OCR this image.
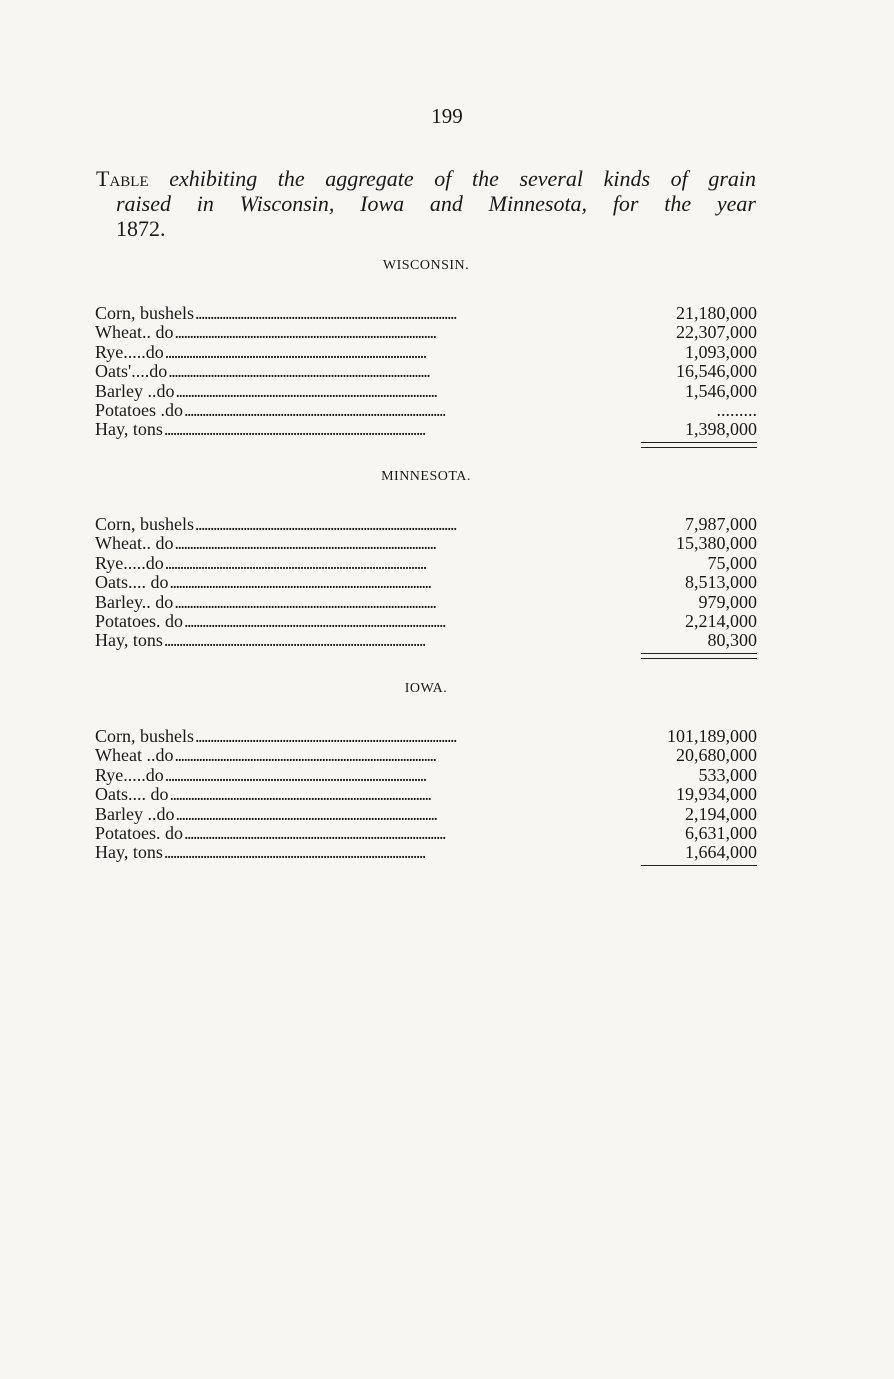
199
Table exhibiting the aggregate of the several kinds of grain
raised in Wisconsin, Iowa and Minnesota, for the year
1872.
WISCONSIN.
Corn, bushels . . .	21,180,000
Wheat.. do . . .	22,307,000
Rye.....do . . .	1,093,000
Oats'....do . . .	16,546,000
Barley ..do . . .	1,546,000
Potatoes .do . . .	.........
Hay, tons . . .	1,398,000
MINNESOTA.
Corn, bushels . . .	7,987,000
Wheat.. do . . .	15,380,000
Rye.....do . . .	75,000
Oats.... do . . .	8,513,000
Barley.. do . . .	979,000
Potatoes. do . . .	2,214,000
Hay, tons . . .	80,300
IOWA.
Corn, bushels . . .	101,189,000
Wheat ..do . . .	20,680,000
Rye.....do . . .	533,000
Oats.... do . . .	19,934,000
Barley ..do . . .	2,194,000
Potatoes. do . . .	6,631,000
Hay, tons . . .	1,664,000
